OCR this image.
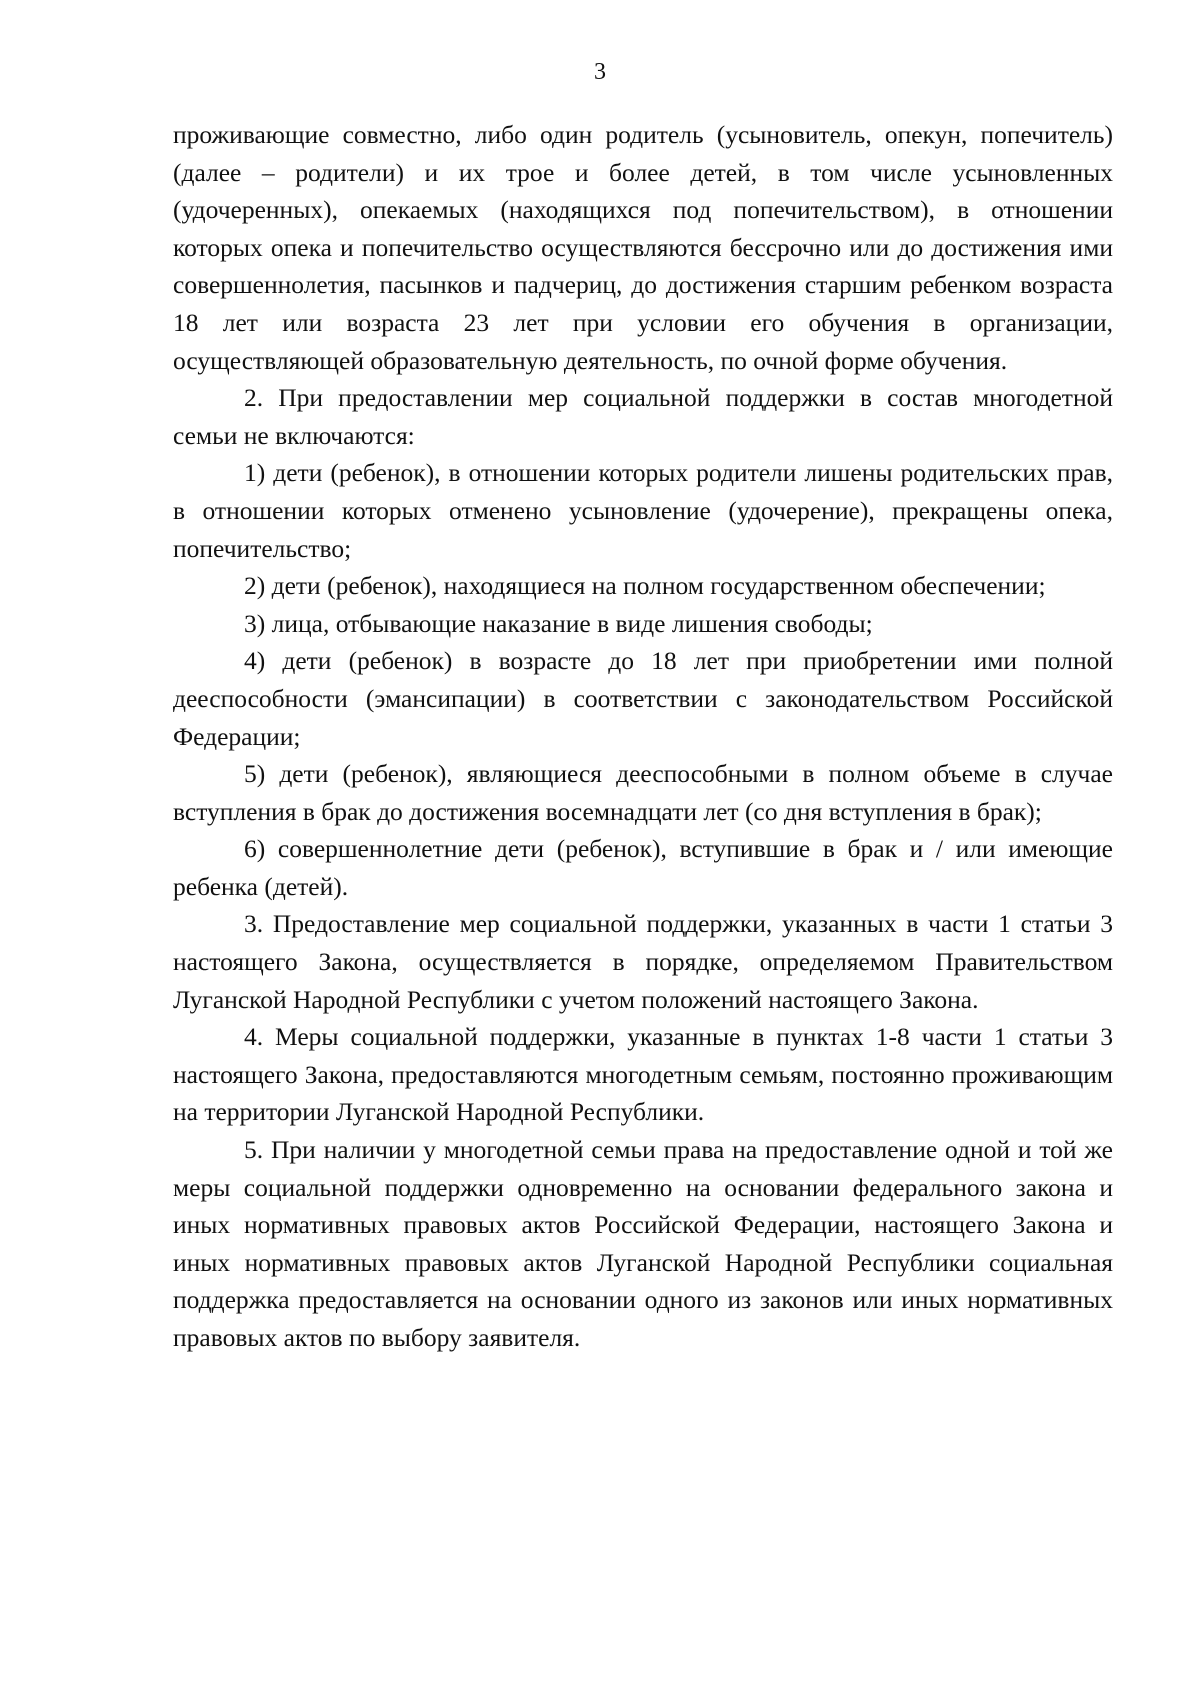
3

проживающие совместно, либо один родитель (усыновитель, опекун, попечитель) (далее – родители) и их трое и более детей, в том числе усыновленных (удочеренных), опекаемых (находящихся под попечительством), в отношении которых опека и попечительство осуществляются бессрочно или до достижения ими совершеннолетия, пасынков и падчериц, до достижения старшим ребенком возраста 18 лет или возраста 23 лет при условии его обучения в организации, осуществляющей образовательную деятельность, по очной форме обучения.

2. При предоставлении мер социальной поддержки в состав многодетной семьи не включаются:

1) дети (ребенок), в отношении которых родители лишены родительских прав, в отношении которых отменено усыновление (удочерение), прекращены опека, попечительство;

2) дети (ребенок), находящиеся на полном государственном обеспечении;

3) лица, отбывающие наказание в виде лишения свободы;

4) дети (ребенок) в возрасте до 18 лет при приобретении ими полной дееспособности (эмансипации) в соответствии с законодательством Российской Федерации;

5) дети (ребенок), являющиеся дееспособными в полном объеме в случае вступления в брак до достижения восемнадцати лет (со дня вступления в брак);

6) совершеннолетние дети (ребенок), вступившие в брак и / или имеющие ребенка (детей).

3. Предоставление мер социальной поддержки, указанных в части 1 статьи 3 настоящего Закона, осуществляется в порядке, определяемом Правительством Луганской Народной Республики с учетом положений настоящего Закона.

4. Меры социальной поддержки, указанные в пунктах 1-8 части 1 статьи 3 настоящего Закона, предоставляются многодетным семьям, постоянно проживающим на территории Луганской Народной Республики.

5. При наличии у многодетной семьи права на предоставление одной и той же меры социальной поддержки одновременно на основании федерального закона и иных нормативных правовых актов Российской Федерации, настоящего Закона и иных нормативных правовых актов Луганской Народной Республики социальная поддержка предоставляется на основании одного из законов или иных нормативных правовых актов по выбору заявителя.
